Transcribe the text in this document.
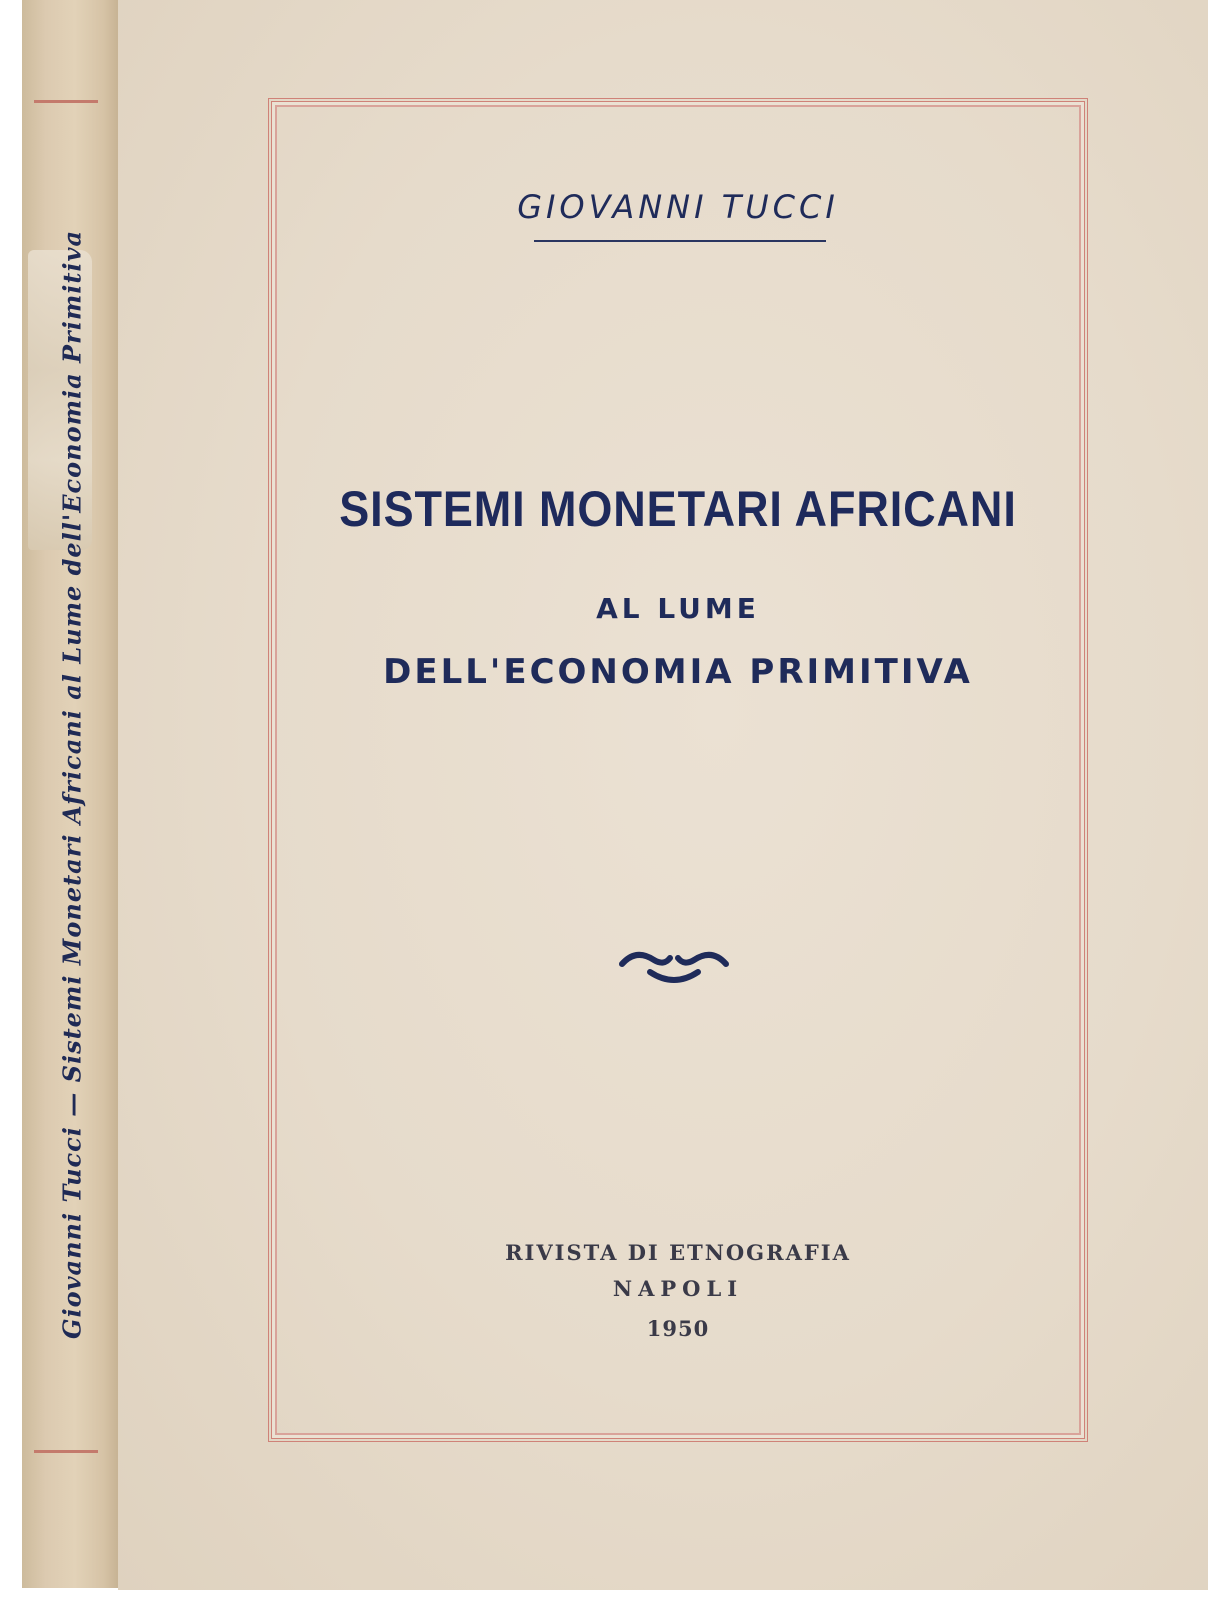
Giovanni Tucci — Sistemi Monetari Africani al Lume dell'Economia Primitiva

GIOVANNI TUCCI

SISTEMI MONETARI AFRICANI

AL LUME

DELL'ECONOMIA PRIMITIVA

RIVISTA DI ETNOGRAFIA

NAPOLI

1950
